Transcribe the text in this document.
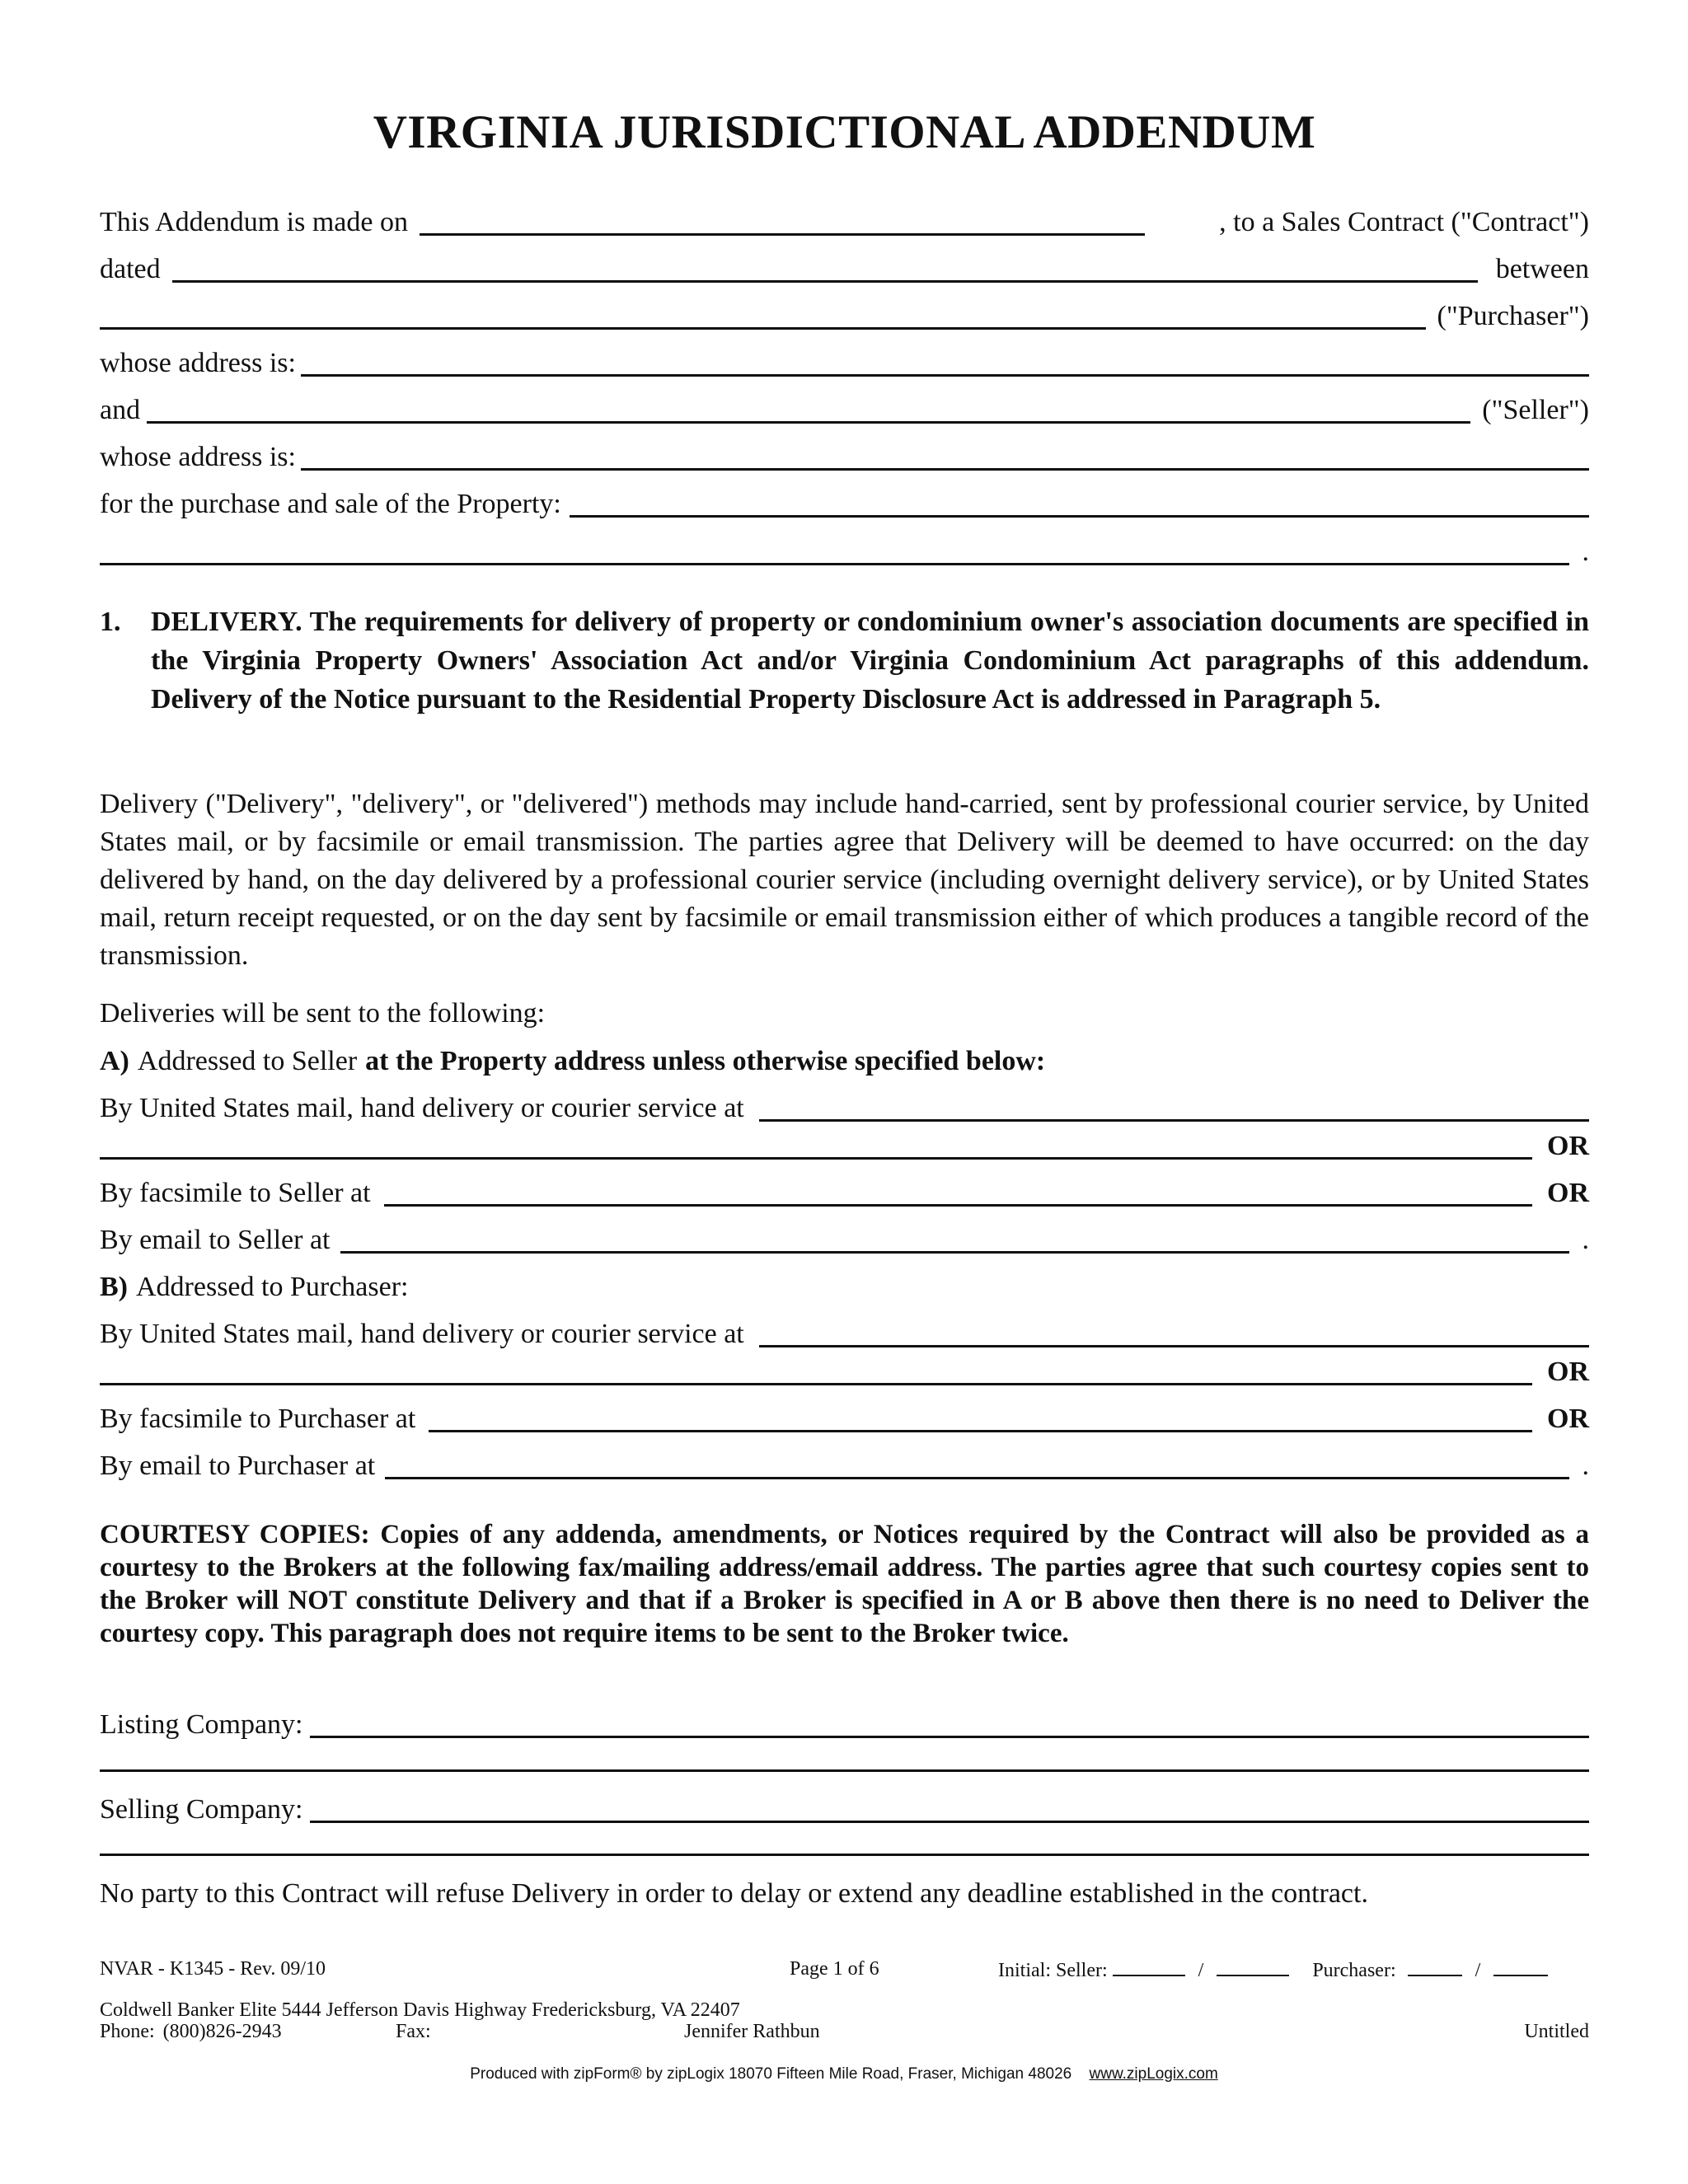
VIRGINIA JURISDICTIONAL ADDENDUM
This Addendum is made on	, to a Sales Contract ("Contract")
dated	between
("Purchaser")
whose address is:
and	("Seller")
whose address is:
for the purchase and sale of the Property:
.
1. DELIVERY. The requirements for delivery of property or condominium owner's association documents are specified in the Virginia Property Owners' Association Act and/or Virginia Condominium Act paragraphs of this addendum. Delivery of the Notice pursuant to the Residential Property Disclosure Act is addressed in Paragraph 5.
Delivery ("Delivery", "delivery", or "delivered") methods may include hand-carried, sent by professional courier service, by United States mail, or by facsimile or email transmission. The parties agree that Delivery will be deemed to have occurred: on the day delivered by hand, on the day delivered by a professional courier service (including overnight delivery service), or by United States mail, return receipt requested, or on the day sent by facsimile or email transmission either of which produces a tangible record of the transmission.
Deliveries will be sent to the following:
A) Addressed to Seller at the Property address unless otherwise specified below:
By United States mail, hand delivery or courier service at
OR
By facsimile to Seller at	OR
By email to Seller at	.
B) Addressed to Purchaser:
By United States mail, hand delivery or courier service at
OR
By facsimile to Purchaser at	OR
By email to Purchaser at	.
COURTESY COPIES: Copies of any addenda, amendments, or Notices required by the Contract will also be provided as a courtesy to the Brokers at the following fax/mailing address/email address. The parties agree that such courtesy copies sent to the Broker will NOT constitute Delivery and that if a Broker is specified in A or B above then there is no need to Deliver the courtesy copy. This paragraph does not require items to be sent to the Broker twice.
Listing Company:
Selling Company:
No party to this Contract will refuse Delivery in order to delay or extend any deadline established in the contract.
NVAR - K1345 - Rev. 09/10	Page 1 of 6	Initial: Seller:	/	Purchaser:	/
Coldwell Banker Elite 5444 Jefferson Davis Highway Fredericksburg, VA 22407
Phone: (800)826-2943	Fax:	Jennifer Rathbun	Untitled
Produced with zipForm® by zipLogix 18070 Fifteen Mile Road, Fraser, Michigan 48026 www.zipLogix.com
